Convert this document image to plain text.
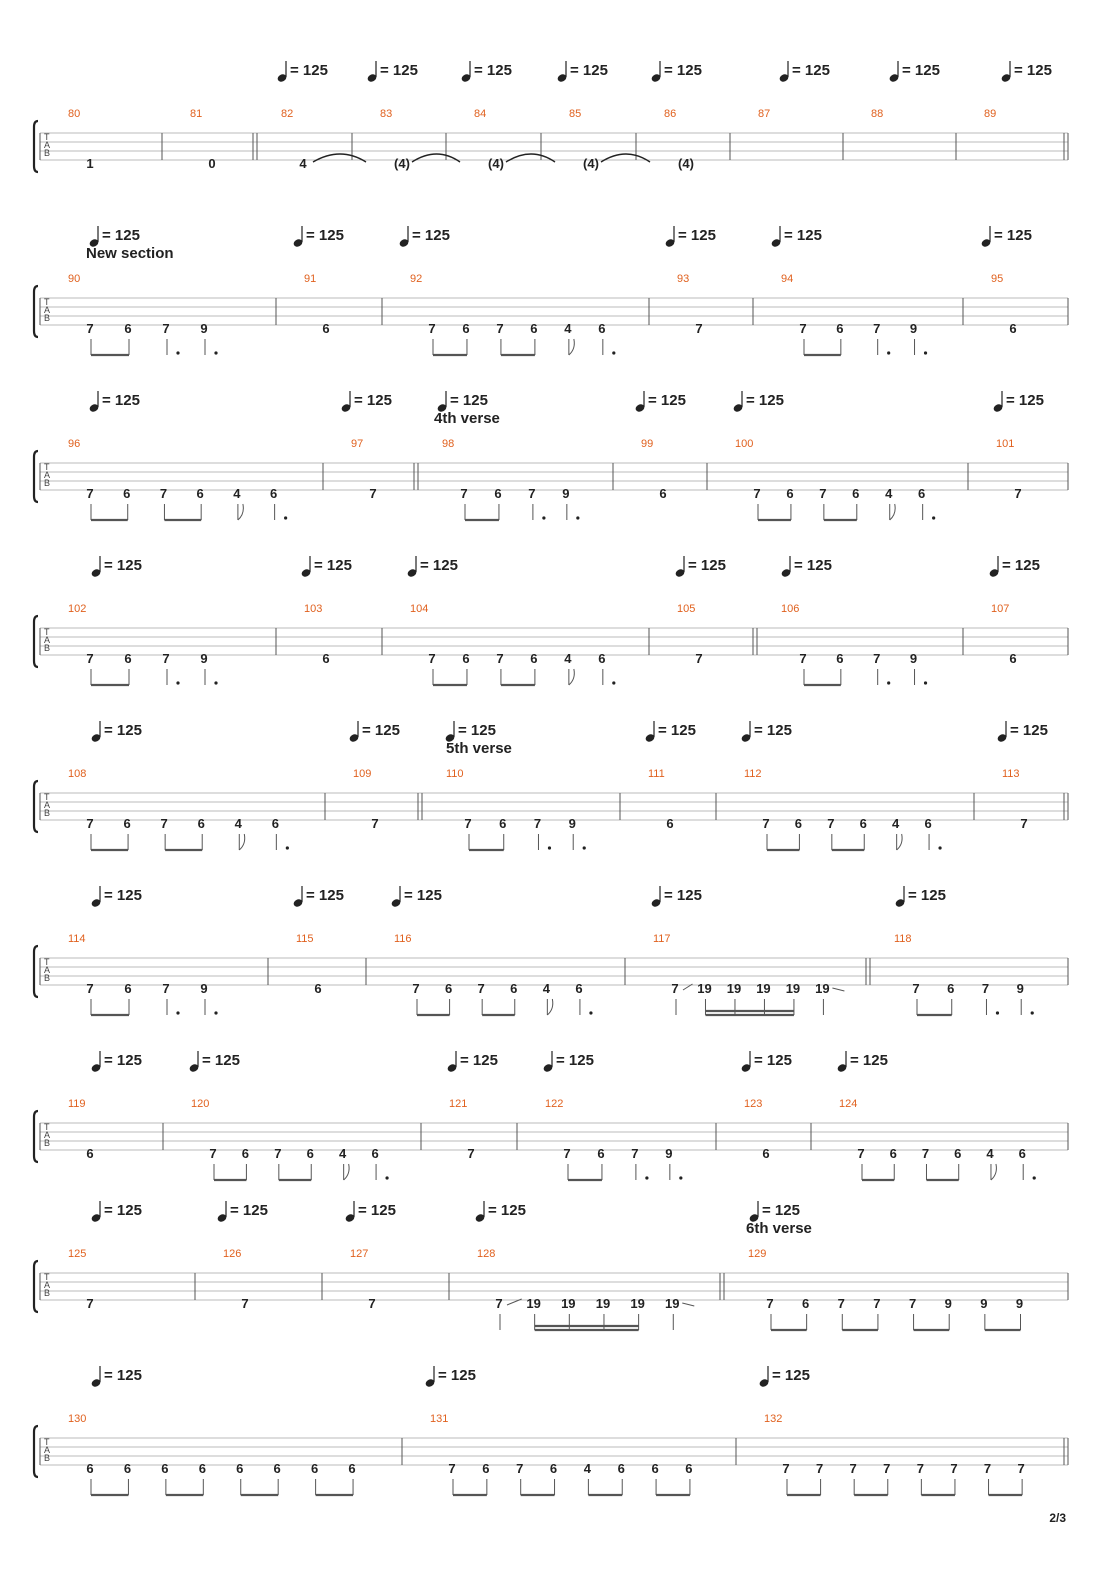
= 125	= 125	= 125	= 125	= 125	= 125	= 125	= 125
T
A
B
80
1
81
0
82
4
83
(4)
84
(4)
85
(4)
86
(4)
87	88	89
= 125	= 125	= 125	= 125	= 125	= 125
New section
T
A
B
90
7 6 7 9
91
6
92
7 6 7 6 4 6
93
7
94
7 6 7 9
95
6
= 125	= 125	= 125	= 125	= 125	= 125
4th verse
T
A
B
96
7 6 7 6 4 6
97
7
98
7 6 7 9
99
6
100
7 6 7 6 4 6
101
7
= 125	= 125	= 125	= 125	= 125	= 125
T
A
B
102
7 6 7 9
103
6
104
7 6 7 6 4 6
105
7
106
7 6 7 9
107
6
= 125	= 125	= 125	= 125	= 125	= 125
5th verse
T
A
B
108
7 6 7 6 4 6
109
7
110
7 6 7 9
111
6
112
7 6 7 6 4 6
113
7
= 125	= 125	= 125	= 125	= 125
T
A
B
114
7 6 7 9
115
6
116
7 6 7 6 4 6
117
7 19 19 19 19 19
118
7 6 7 9
= 125	= 125	= 125	= 125	= 125	= 125
T
A
B
119
6
120
7 6 7 6 4 6
121
7
122
7 6 7 9
123
6
124
7 6 7 6 4 6
= 125	= 125	= 125	= 125	= 125
6th verse
T
A
B
125
7
126
7
127
7
128
7 19 19 19 19 19
129
7 6 7 7 7 9 9 9
= 125	= 125	= 125
T
A
B
130
6 6 6 6 6 6 6 6
131
7 6 7 6 4 6 6 6
132
7 7 7 7 7 7 7 7
2/3
